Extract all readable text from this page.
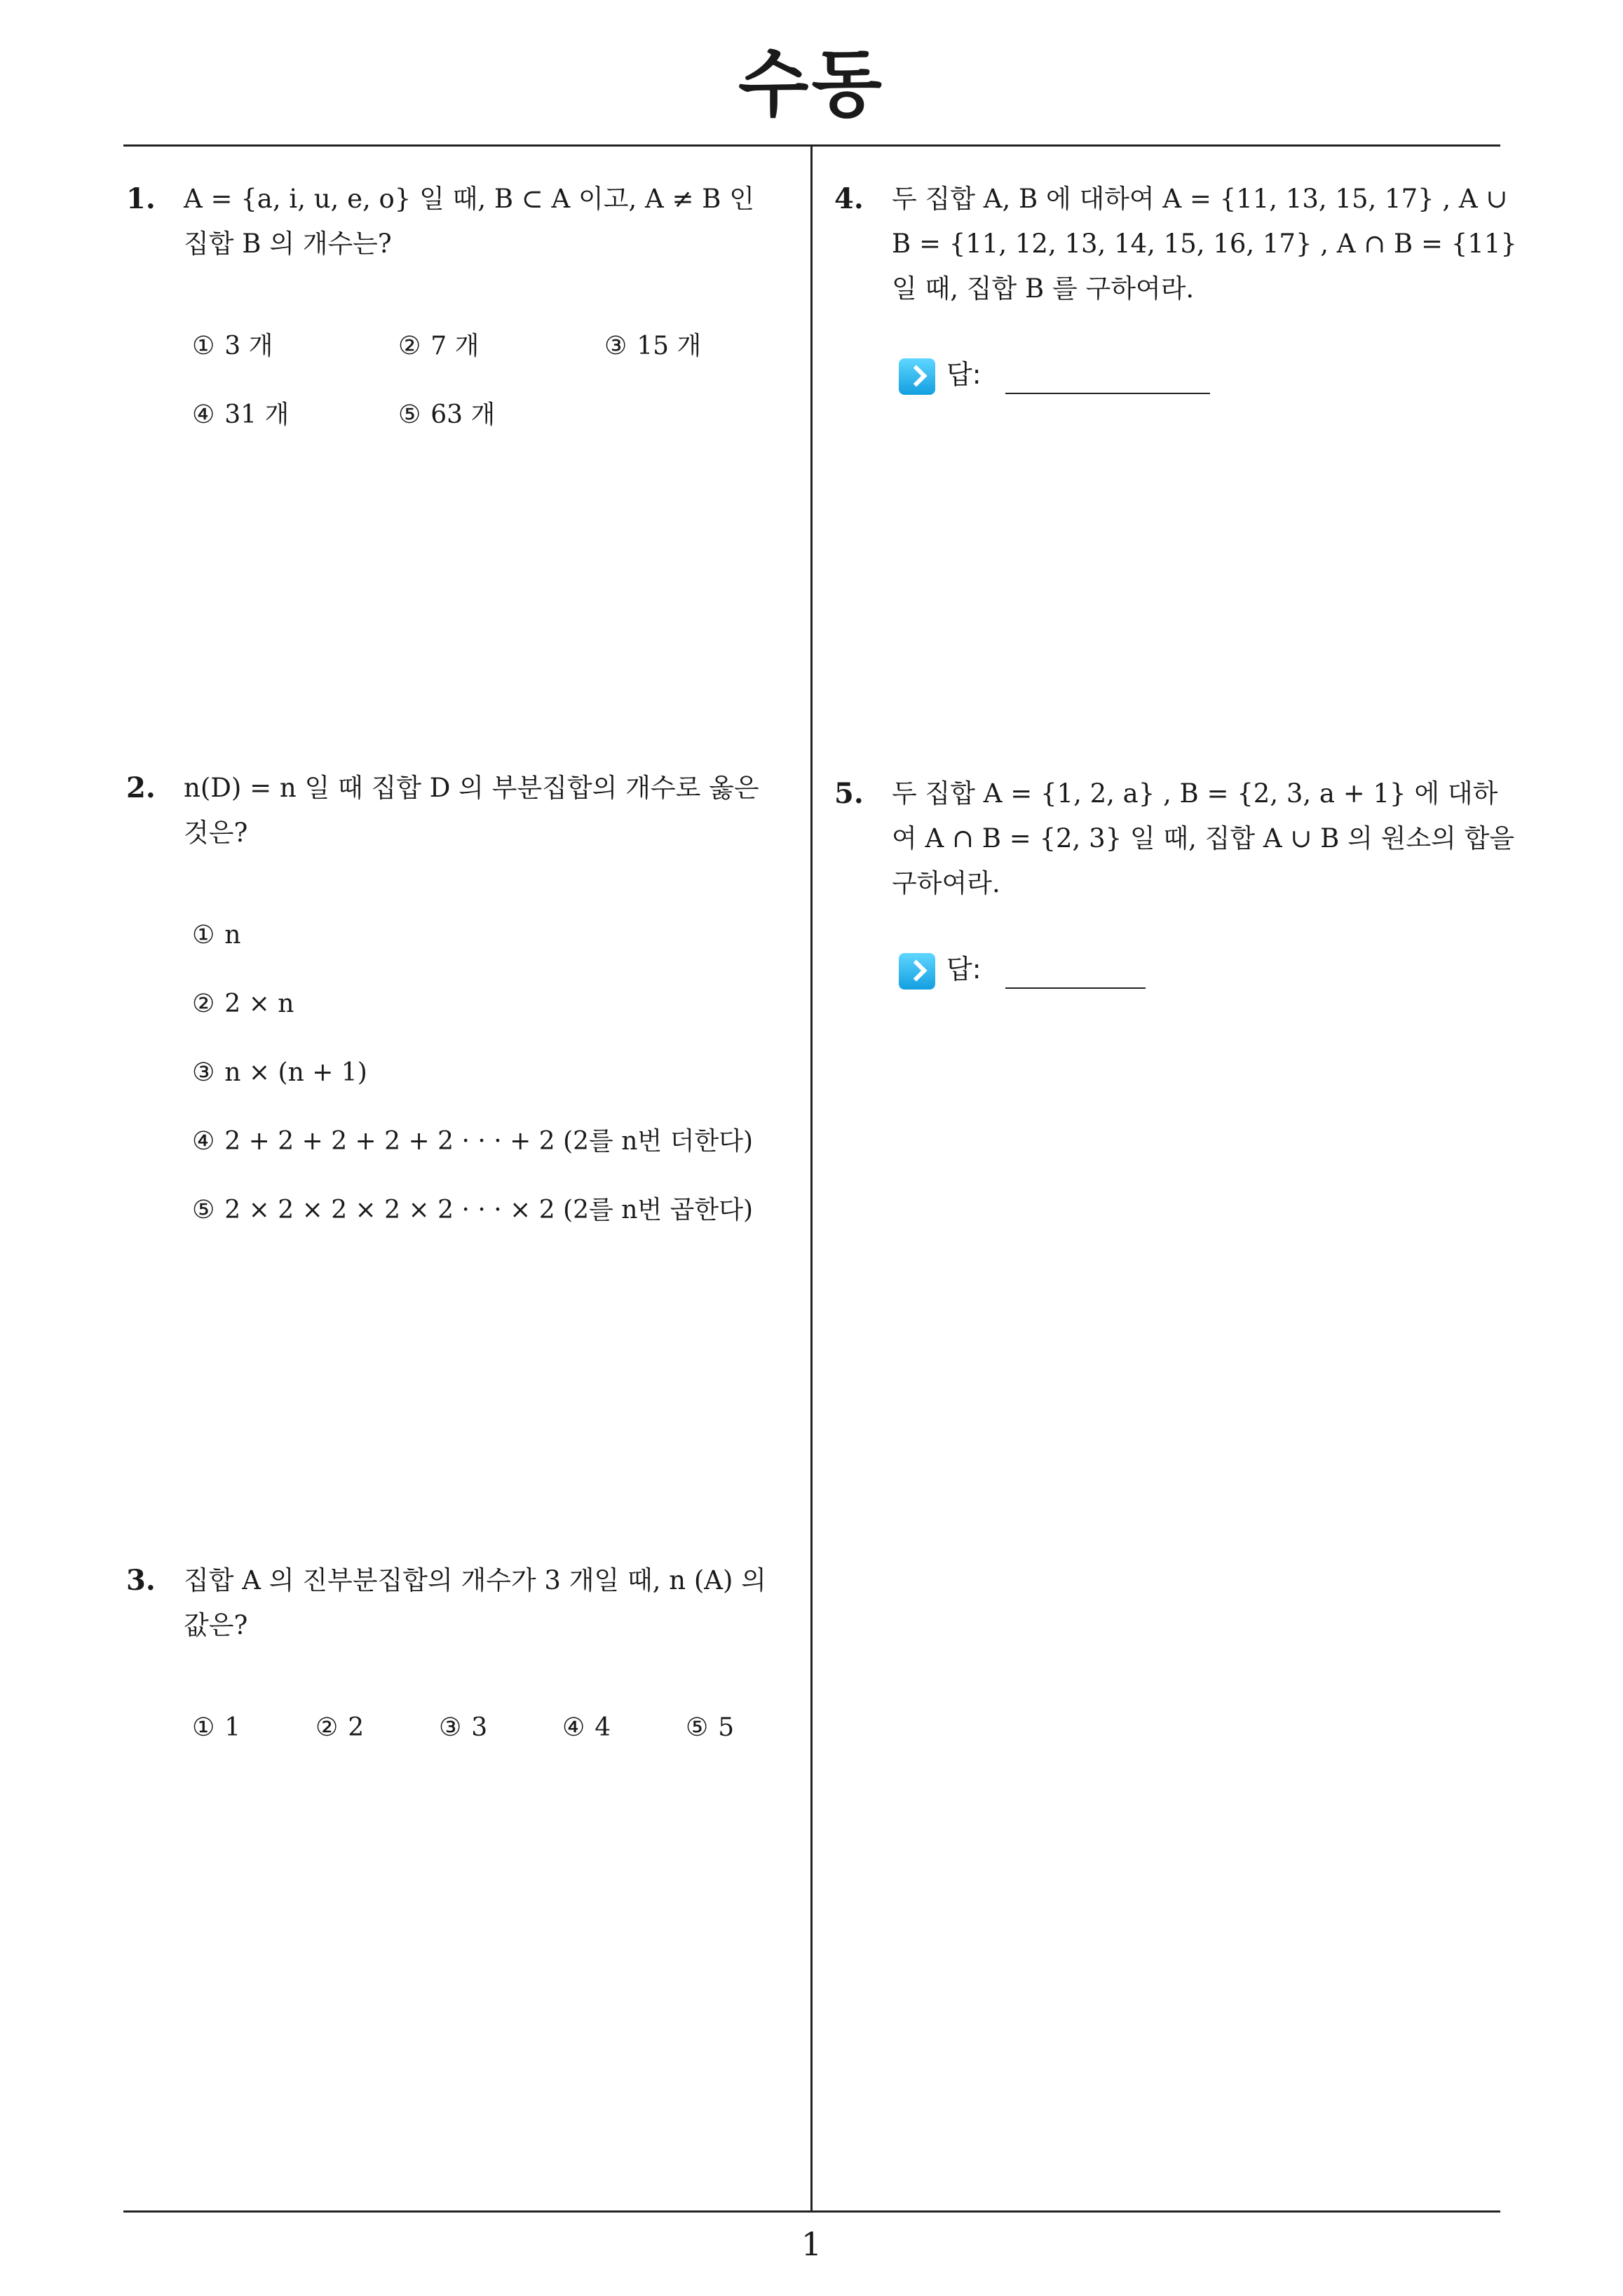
수동
1. A = {a, i, u, e, o} 일 때, B ⊂ A 이고, A ≠ B 인
집합 B 의 개수는?
① 3 개	② 7 개	③ 15 개
④ 31 개	⑤ 63 개
2. n(D) = n 일 때 집합 D 의 부분집합의 개수로 옳은
것은?
① n
② 2 × n
③ n × (n + 1)
④ 2 + 2 + 2 + 2 + 2 · · · + 2 (2를 n번 더한다)
⑤ 2 × 2 × 2 × 2 × 2 · · · × 2 (2를 n번 곱한다)
3. 집합 A 의 진부분집합의 개수가 3 개일 때, n (A) 의
값은?
① 1	② 2	③ 3	④ 4	⑤ 5
4. 두 집합 A, B 에 대하여 A = {11, 13, 15, 17} , A ∪
B = {11, 12, 13, 14, 15, 16, 17} , A ∩ B = {11}
일 때, 집합 B 를 구하여라.
답:
5. 두 집합 A = {1, 2, a} , B = {2, 3, a + 1} 에 대하
여 A ∩ B = {2, 3} 일 때, 집합 A ∪ B 의 원소의 합을
구하여라.
답:
1
